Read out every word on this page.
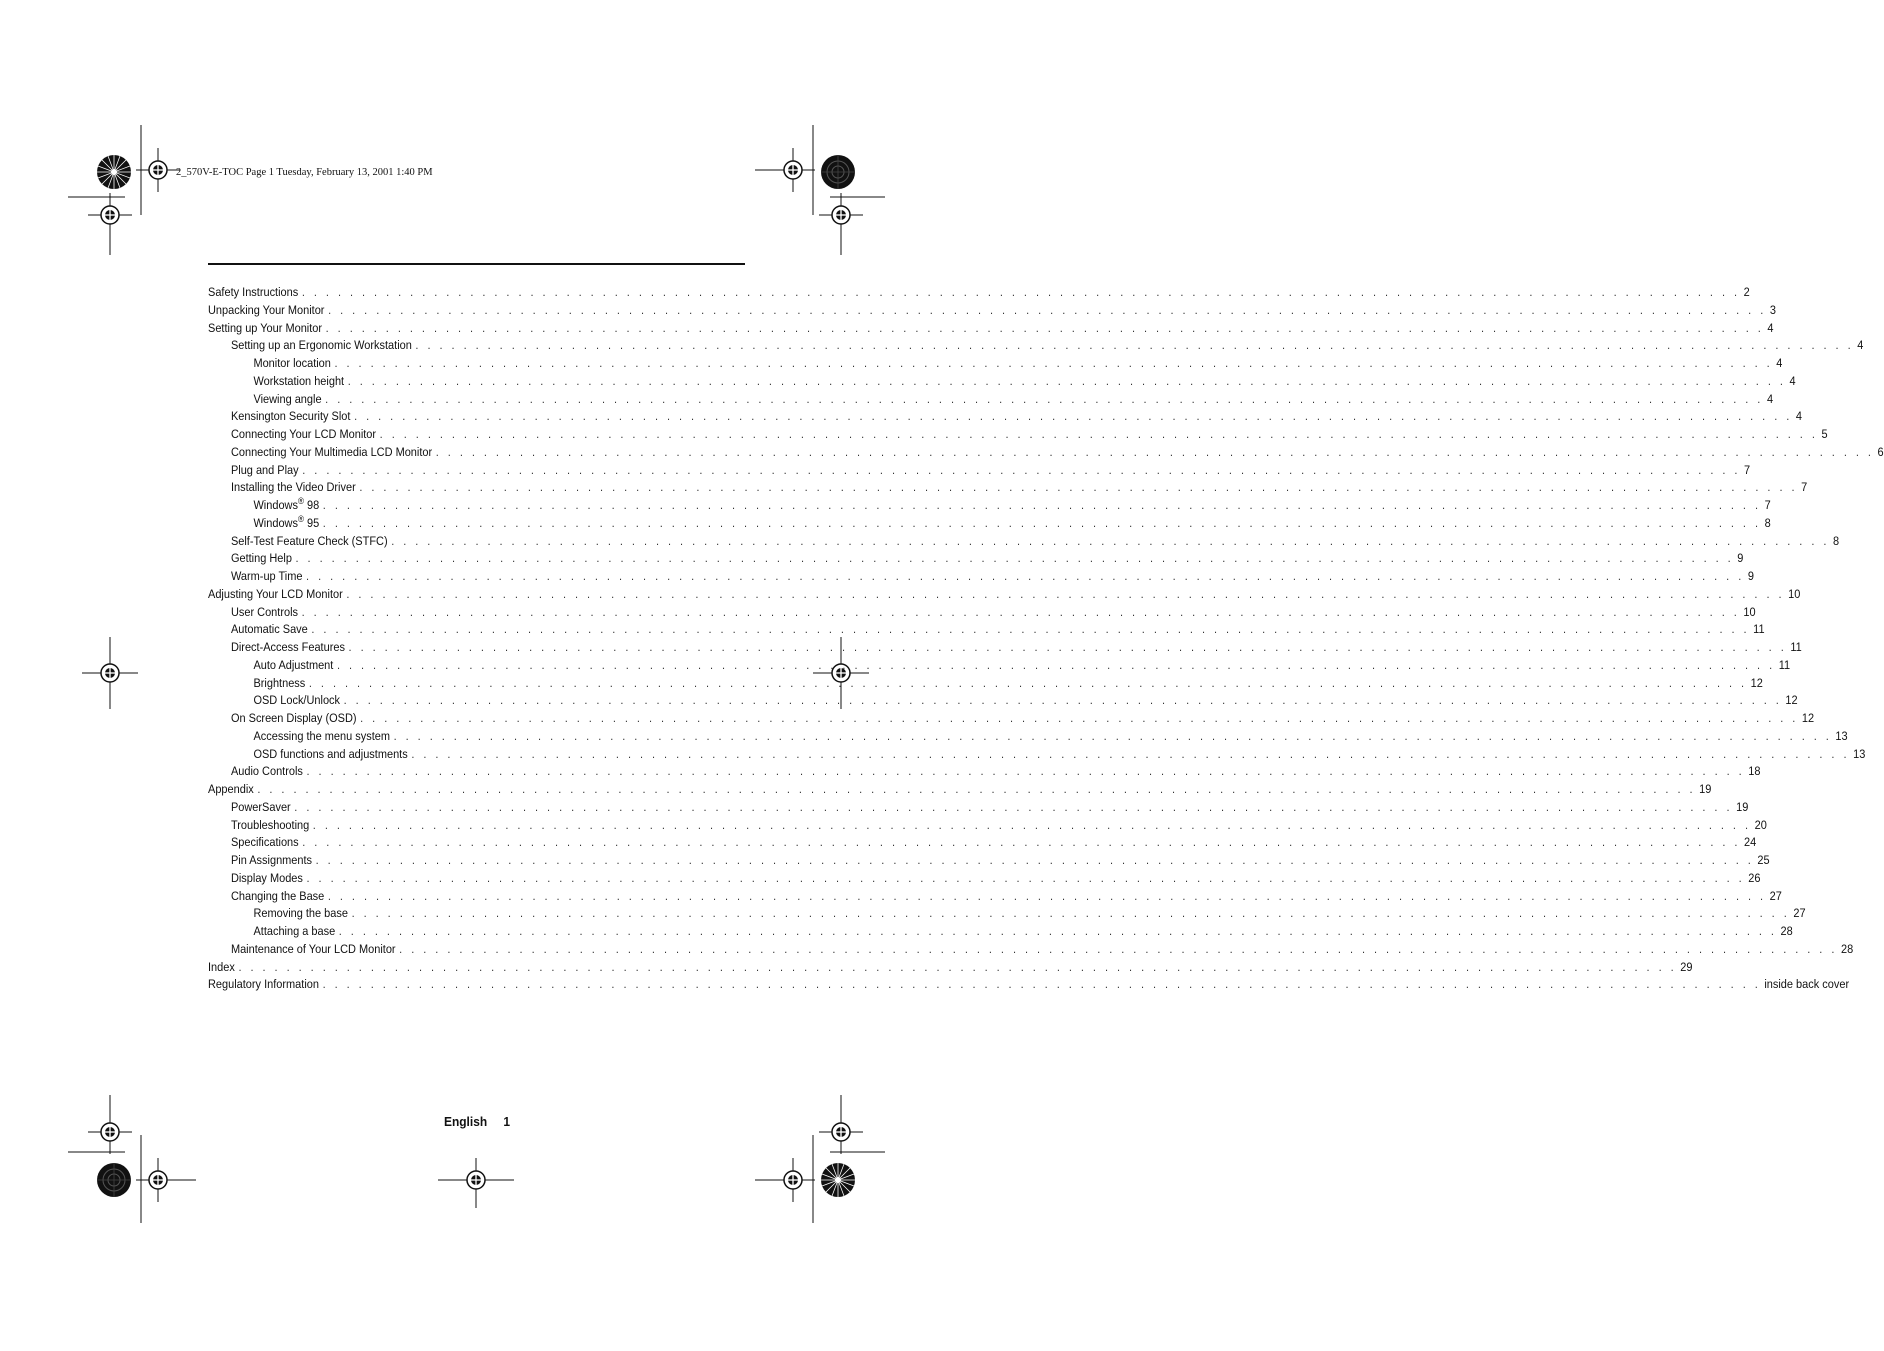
2_570V-E-TOC Page 1 Tuesday, February 13, 2001 1:40 PM
Safety Instructions . . . . . . . . . . . . . . . . . . . . . . . . . . . . . . . . . . . . . . . . . . . . . . . . . . . . . . . . . . . . . . . . . . . . . . . . . . . . . . . . . . . . . . . . . . . . . . . . . . . . . . . . . . . . . . . . . . . . . . . . 2
Unpacking Your Monitor . . . . . . . . . . . . . . . . . . . . . . . . . . . . . . . . . . . . . . . . . . . . . . . . . . . . . . . . . . . . . . . . . . . . . . . . . . . . . . . . . . . . . . . . . . . . . . . . . . . . . . . . . . . . . . . . . . . . . . . . 3
Setting up Your Monitor . . . . . . . . . . . . . . . . . . . . . . . . . . . . . . . . . . . . . . . . . . . . . . . . . . . . . . . . . . . . . . . . . . . . . . . . . . . . . . . . . . . . . . . . . . . . . . . . . . . . . . . . . . . . . . . . . . . . . . . . 4
Setting up an Ergonomic Workstation . . . . . . . . . . . . . . . . . . . . . . . . . . . . . . . . . . . . . . . . . . . . . . . . . . . . . . . . . . . . . . . . . . . . . . . . . . . . . . . . . . . . . . . . . . . . . . . . . . . . . . . . . . . . . . . . . . . . . . . . 4
Monitor location . . . . . . . . . . . . . . . . . . . . . . . . . . . . . . . . . . . . . . . . . . . . . . . . . . . . . . . . . . . . . . . . . . . . . . . . . . . . . . . . . . . . . . . . . . . . . . . . . . . . . . . . . . . . . . . . . . . . . . . . 4
Workstation height . . . . . . . . . . . . . . . . . . . . . . . . . . . . . . . . . . . . . . . . . . . . . . . . . . . . . . . . . . . . . . . . . . . . . . . . . . . . . . . . . . . . . . . . . . . . . . . . . . . . . . . . . . . . . . . . . . . . . . . . 4
Viewing angle . . . . . . . . . . . . . . . . . . . . . . . . . . . . . . . . . . . . . . . . . . . . . . . . . . . . . . . . . . . . . . . . . . . . . . . . . . . . . . . . . . . . . . . . . . . . . . . . . . . . . . . . . . . . . . . . . . . . . . . . 4
Kensington Security Slot . . . . . . . . . . . . . . . . . . . . . . . . . . . . . . . . . . . . . . . . . . . . . . . . . . . . . . . . . . . . . . . . . . . . . . . . . . . . . . . . . . . . . . . . . . . . . . . . . . . . . . . . . . . . . . . . . . . . . . . . 4
Connecting Your LCD Monitor . . . . . . . . . . . . . . . . . . . . . . . . . . . . . . . . . . . . . . . . . . . . . . . . . . . . . . . . . . . . . . . . . . . . . . . . . . . . . . . . . . . . . . . . . . . . . . . . . . . . . . . . . . . . . . . . . . . . . . . . 5
Connecting Your Multimedia LCD Monitor . . . . . . . . . . . . . . . . . . . . . . . . . . . . . . . . . . . . . . . . . . . . . . . . . . . . . . . . . . . . . . . . . . . . . . . . . . . . . . . . . . . . . . . . . . . . . . . . . . . . . . . . . . . . . . . . . . . . . . . . 6
Plug and Play . . . . . . . . . . . . . . . . . . . . . . . . . . . . . . . . . . . . . . . . . . . . . . . . . . . . . . . . . . . . . . . . . . . . . . . . . . . . . . . . . . . . . . . . . . . . . . . . . . . . . . . . . . . . . . . . . . . . . . . . 7
Installing the Video Driver . . . . . . . . . . . . . . . . . . . . . . . . . . . . . . . . . . . . . . . . . . . . . . . . . . . . . . . . . . . . . . . . . . . . . . . . . . . . . . . . . . . . . . . . . . . . . . . . . . . . . . . . . . . . . . . . . . . . . . . . 7
Windows® 98 . . . . . . . . . . . . . . . . . . . . . . . . . . . . . . . . . . . . . . . . . . . . . . . . . . . . . . . . . . . . . . . . . . . . . . . . . . . . . . . . . . . . . . . . . . . . . . . . . . . . . . . . . . . . . . . . . . . . . . . . 7
Windows® 95 . . . . . . . . . . . . . . . . . . . . . . . . . . . . . . . . . . . . . . . . . . . . . . . . . . . . . . . . . . . . . . . . . . . . . . . . . . . . . . . . . . . . . . . . . . . . . . . . . . . . . . . . . . . . . . . . . . . . . . . . 8
Self-Test Feature Check (STFC) . . . . . . . . . . . . . . . . . . . . . . . . . . . . . . . . . . . . . . . . . . . . . . . . . . . . . . . . . . . . . . . . . . . . . . . . . . . . . . . . . . . . . . . . . . . . . . . . . . . . . . . . . . . . . . . . . . . . . . . . 8
Getting Help . . . . . . . . . . . . . . . . . . . . . . . . . . . . . . . . . . . . . . . . . . . . . . . . . . . . . . . . . . . . . . . . . . . . . . . . . . . . . . . . . . . . . . . . . . . . . . . . . . . . . . . . . . . . . . . . . . . . . . . . 9
Warm-up Time . . . . . . . . . . . . . . . . . . . . . . . . . . . . . . . . . . . . . . . . . . . . . . . . . . . . . . . . . . . . . . . . . . . . . . . . . . . . . . . . . . . . . . . . . . . . . . . . . . . . . . . . . . . . . . . . . . . . . . . . 9
Adjusting Your LCD Monitor . . . . . . . . . . . . . . . . . . . . . . . . . . . . . . . . . . . . . . . . . . . . . . . . . . . . . . . . . . . . . . . . . . . . . . . . . . . . . . . . . . . . . . . . . . . . . . . . . . . . . . . . . . . . . . . . . . . . . . . . 10
User Controls . . . . . . . . . . . . . . . . . . . . . . . . . . . . . . . . . . . . . . . . . . . . . . . . . . . . . . . . . . . . . . . . . . . . . . . . . . . . . . . . . . . . . . . . . . . . . . . . . . . . . . . . . . . . . . . . . . . . . . . . 10
Automatic Save . . . . . . . . . . . . . . . . . . . . . . . . . . . . . . . . . . . . . . . . . . . . . . . . . . . . . . . . . . . . . . . . . . . . . . . . . . . . . . . . . . . . . . . . . . . . . . . . . . . . . . . . . . . . . . . . . . . . . . . . 11
Direct-Access Features . . . . . . . . . . . . . . . . . . . . . . . . . . . . . . . . . . . . . . . . . . . . . . . . . . . . . . . . . . . . . . . . . . . . . . . . . . . . . . . . . . . . . . . . . . . . . . . . . . . . . . . . . . . . . . . . . . . . . . . . 11
Auto Adjustment . . . . . . . . . . . . . . . . . . . . . . . . . . . . . . . . . . . . . . . . . . . . . . . . . . . . . . . . . . . . . . . . . . . . . . . . . . . . . . . . . . . . . . . . . . . . . . . . . . . . . . . . . . . . . . . . . . . . . . . . 11
Brightness . . . . . . . . . . . . . . . . . . . . . . . . . . . . . . . . . . . . . . . . . . . . . . . . . . . . . . . . . . . . . . . . . . . . . . . . . . . . . . . . . . . . . . . . . . . . . . . . . . . . . . . . . . . . . . . . . . . . . . . . 12
OSD Lock/Unlock . . . . . . . . . . . . . . . . . . . . . . . . . . . . . . . . . . . . . . . . . . . . . . . . . . . . . . . . . . . . . . . . . . . . . . . . . . . . . . . . . . . . . . . . . . . . . . . . . . . . . . . . . . . . . . . . . . . . . . . . 12
On Screen Display (OSD) . . . . . . . . . . . . . . . . . . . . . . . . . . . . . . . . . . . . . . . . . . . . . . . . . . . . . . . . . . . . . . . . . . . . . . . . . . . . . . . . . . . . . . . . . . . . . . . . . . . . . . . . . . . . . . . . . . . . . . . . 12
Accessing the menu system . . . . . . . . . . . . . . . . . . . . . . . . . . . . . . . . . . . . . . . . . . . . . . . . . . . . . . . . . . . . . . . . . . . . . . . . . . . . . . . . . . . . . . . . . . . . . . . . . . . . . . . . . . . . . . . . . . . . . . . . 13
OSD functions and adjustments . . . . . . . . . . . . . . . . . . . . . . . . . . . . . . . . . . . . . . . . . . . . . . . . . . . . . . . . . . . . . . . . . . . . . . . . . . . . . . . . . . . . . . . . . . . . . . . . . . . . . . . . . . . . . . . . . . . . . . . . 13
Audio Controls . . . . . . . . . . . . . . . . . . . . . . . . . . . . . . . . . . . . . . . . . . . . . . . . . . . . . . . . . . . . . . . . . . . . . . . . . . . . . . . . . . . . . . . . . . . . . . . . . . . . . . . . . . . . . . . . . . . . . . . . 18
Appendix . . . . . . . . . . . . . . . . . . . . . . . . . . . . . . . . . . . . . . . . . . . . . . . . . . . . . . . . . . . . . . . . . . . . . . . . . . . . . . . . . . . . . . . . . . . . . . . . . . . . . . . . . . . . . . . . . . . . . . . . 19
PowerSaver . . . . . . . . . . . . . . . . . . . . . . . . . . . . . . . . . . . . . . . . . . . . . . . . . . . . . . . . . . . . . . . . . . . . . . . . . . . . . . . . . . . . . . . . . . . . . . . . . . . . . . . . . . . . . . . . . . . . . . . . 19
Troubleshooting . . . . . . . . . . . . . . . . . . . . . . . . . . . . . . . . . . . . . . . . . . . . . . . . . . . . . . . . . . . . . . . . . . . . . . . . . . . . . . . . . . . . . . . . . . . . . . . . . . . . . . . . . . . . . . . . . . . . . . . . 20
Specifications . . . . . . . . . . . . . . . . . . . . . . . . . . . . . . . . . . . . . . . . . . . . . . . . . . . . . . . . . . . . . . . . . . . . . . . . . . . . . . . . . . . . . . . . . . . . . . . . . . . . . . . . . . . . . . . . . . . . . . . . 24
Pin Assignments . . . . . . . . . . . . . . . . . . . . . . . . . . . . . . . . . . . . . . . . . . . . . . . . . . . . . . . . . . . . . . . . . . . . . . . . . . . . . . . . . . . . . . . . . . . . . . . . . . . . . . . . . . . . . . . . . . . . . . . . 25
Display Modes . . . . . . . . . . . . . . . . . . . . . . . . . . . . . . . . . . . . . . . . . . . . . . . . . . . . . . . . . . . . . . . . . . . . . . . . . . . . . . . . . . . . . . . . . . . . . . . . . . . . . . . . . . . . . . . . . . . . . . . . 26
Changing the Base . . . . . . . . . . . . . . . . . . . . . . . . . . . . . . . . . . . . . . . . . . . . . . . . . . . . . . . . . . . . . . . . . . . . . . . . . . . . . . . . . . . . . . . . . . . . . . . . . . . . . . . . . . . . . . . . . . . . . . . . 27
Removing the base . . . . . . . . . . . . . . . . . . . . . . . . . . . . . . . . . . . . . . . . . . . . . . . . . . . . . . . . . . . . . . . . . . . . . . . . . . . . . . . . . . . . . . . . . . . . . . . . . . . . . . . . . . . . . . . . . . . . . . . . 27
Attaching a base . . . . . . . . . . . . . . . . . . . . . . . . . . . . . . . . . . . . . . . . . . . . . . . . . . . . . . . . . . . . . . . . . . . . . . . . . . . . . . . . . . . . . . . . . . . . . . . . . . . . . . . . . . . . . . . . . . . . . . . . 28
Maintenance of Your LCD Monitor . . . . . . . . . . . . . . . . . . . . . . . . . . . . . . . . . . . . . . . . . . . . . . . . . . . . . . . . . . . . . . . . . . . . . . . . . . . . . . . . . . . . . . . . . . . . . . . . . . . . . . . . . . . . . . . . . . . . . . . . 28
Index . . . . . . . . . . . . . . . . . . . . . . . . . . . . . . . . . . . . . . . . . . . . . . . . . . . . . . . . . . . . . . . . . . . . . . . . . . . . . . . . . . . . . . . . . . . . . . . . . . . . . . . . . . . . . . . . . . . . . . . . 29
Regulatory Information . . . . . . . . . . . . . . . . . . . . . . . . . . . . . . . . . . . . . . . . . . . . . . . . . . . . . . . . . . . . . . . . . . . . . . . . . . . . . . . . . . . . . . . . . . . . . . . . . . . . . . . . . . . . . . . . . . . . . . . . inside back cover
English 1
